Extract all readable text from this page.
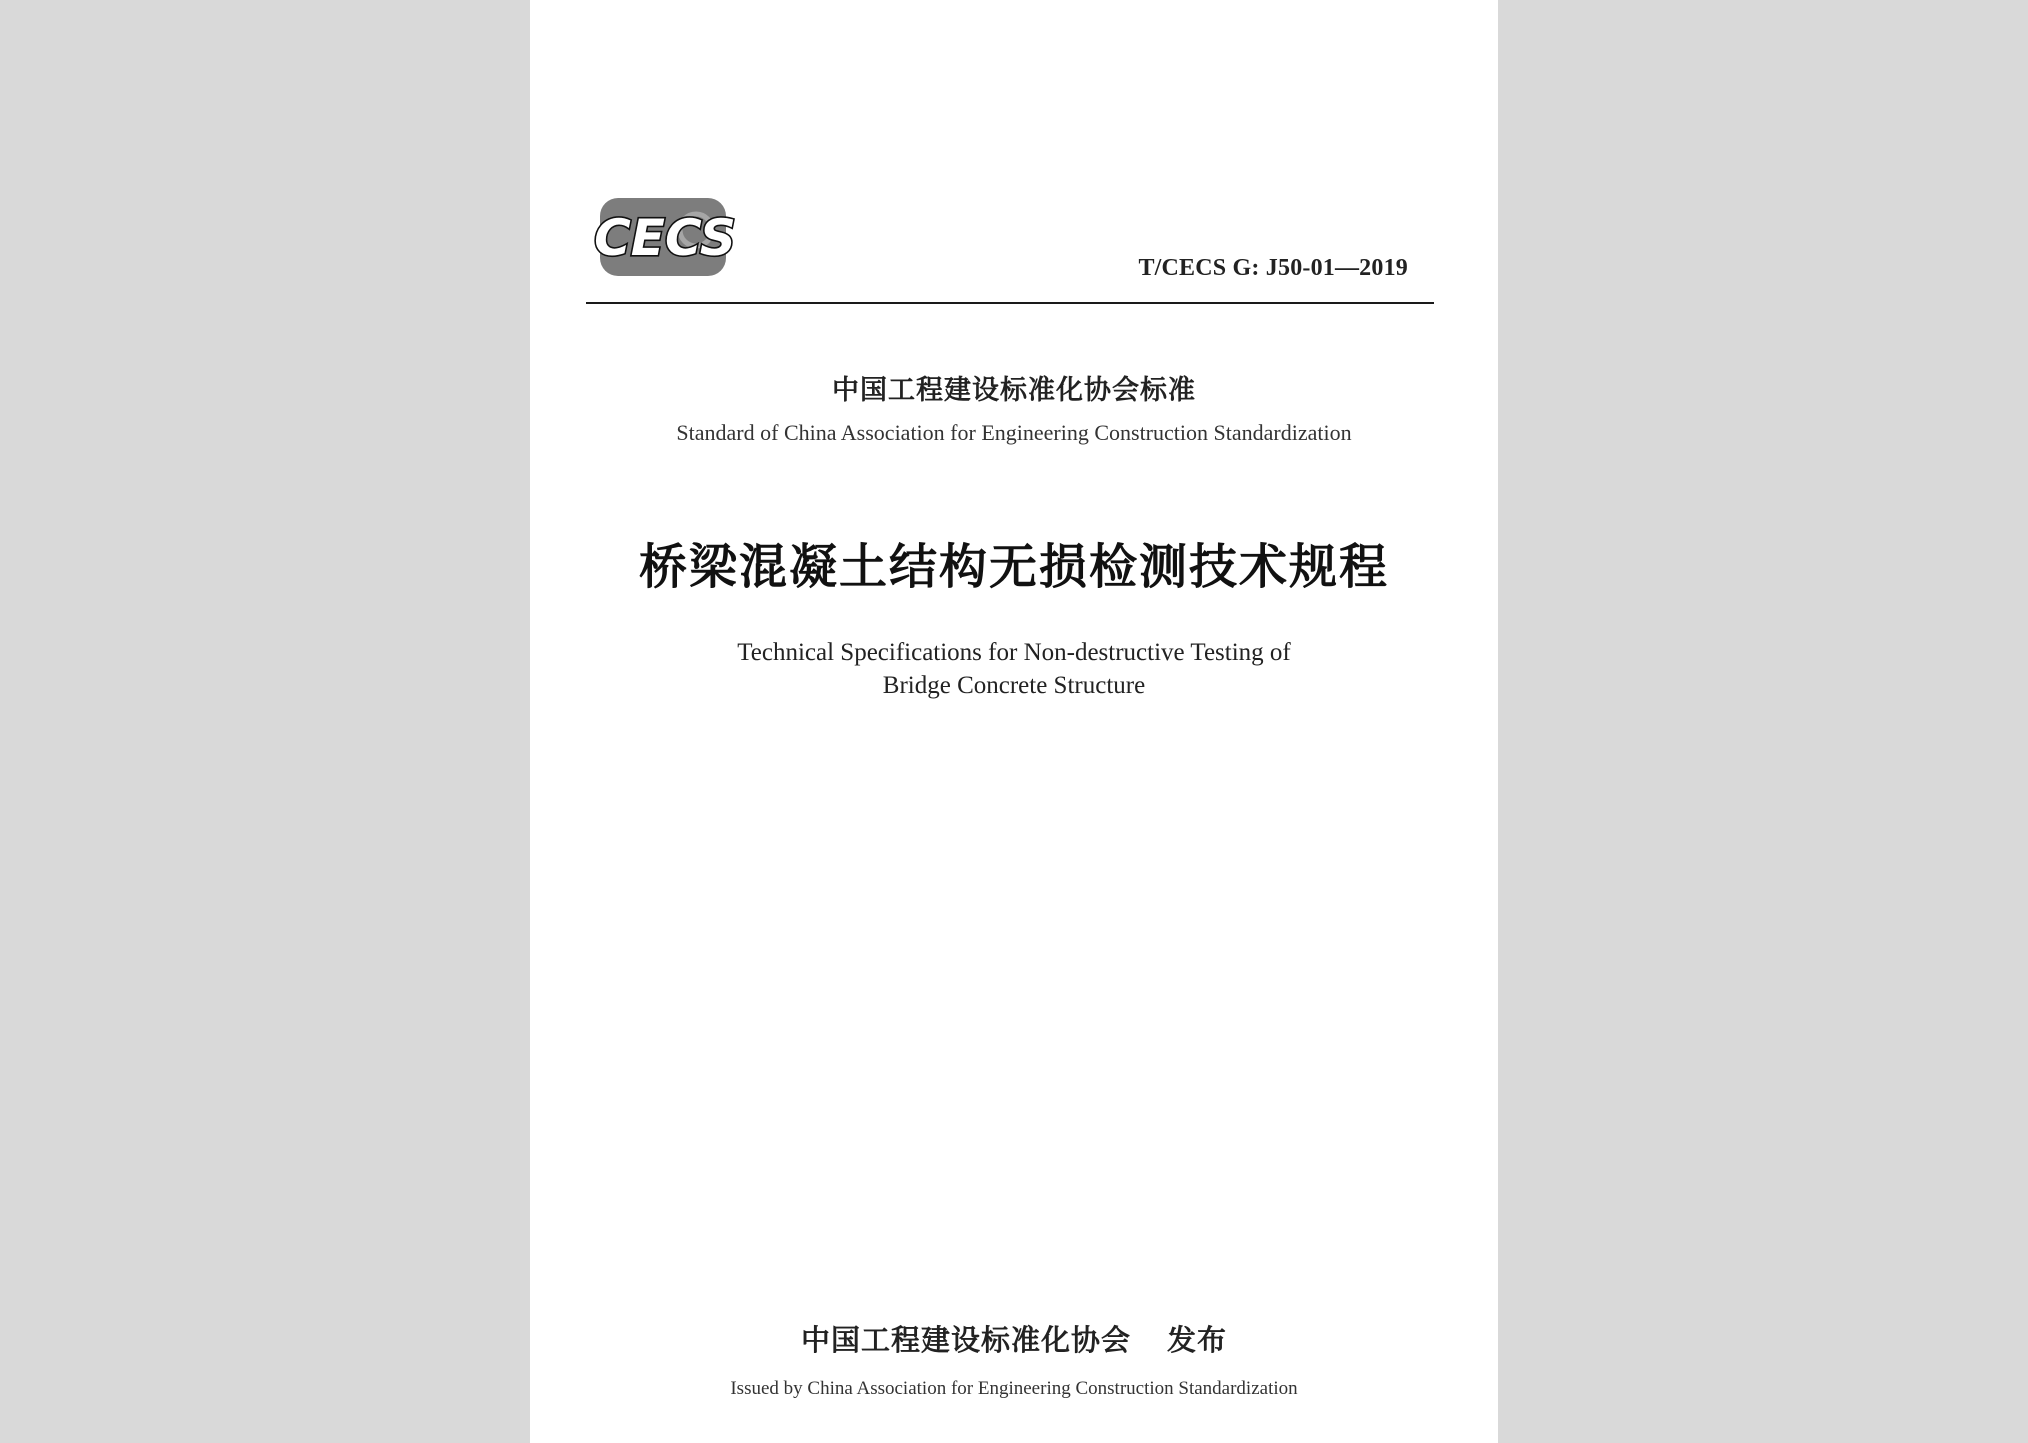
CECS
T/CECS G: J50-01—2019
中国工程建设标准化协会标准
Standard of China Association for Engineering Construction Standardization
桥梁混凝土结构无损检测技术规程
Technical Specifications for Non-destructive Testing of
Bridge Concrete Structure
中国工程建设标准化协会 发布
Issued by China Association for Engineering Construction Standardization
